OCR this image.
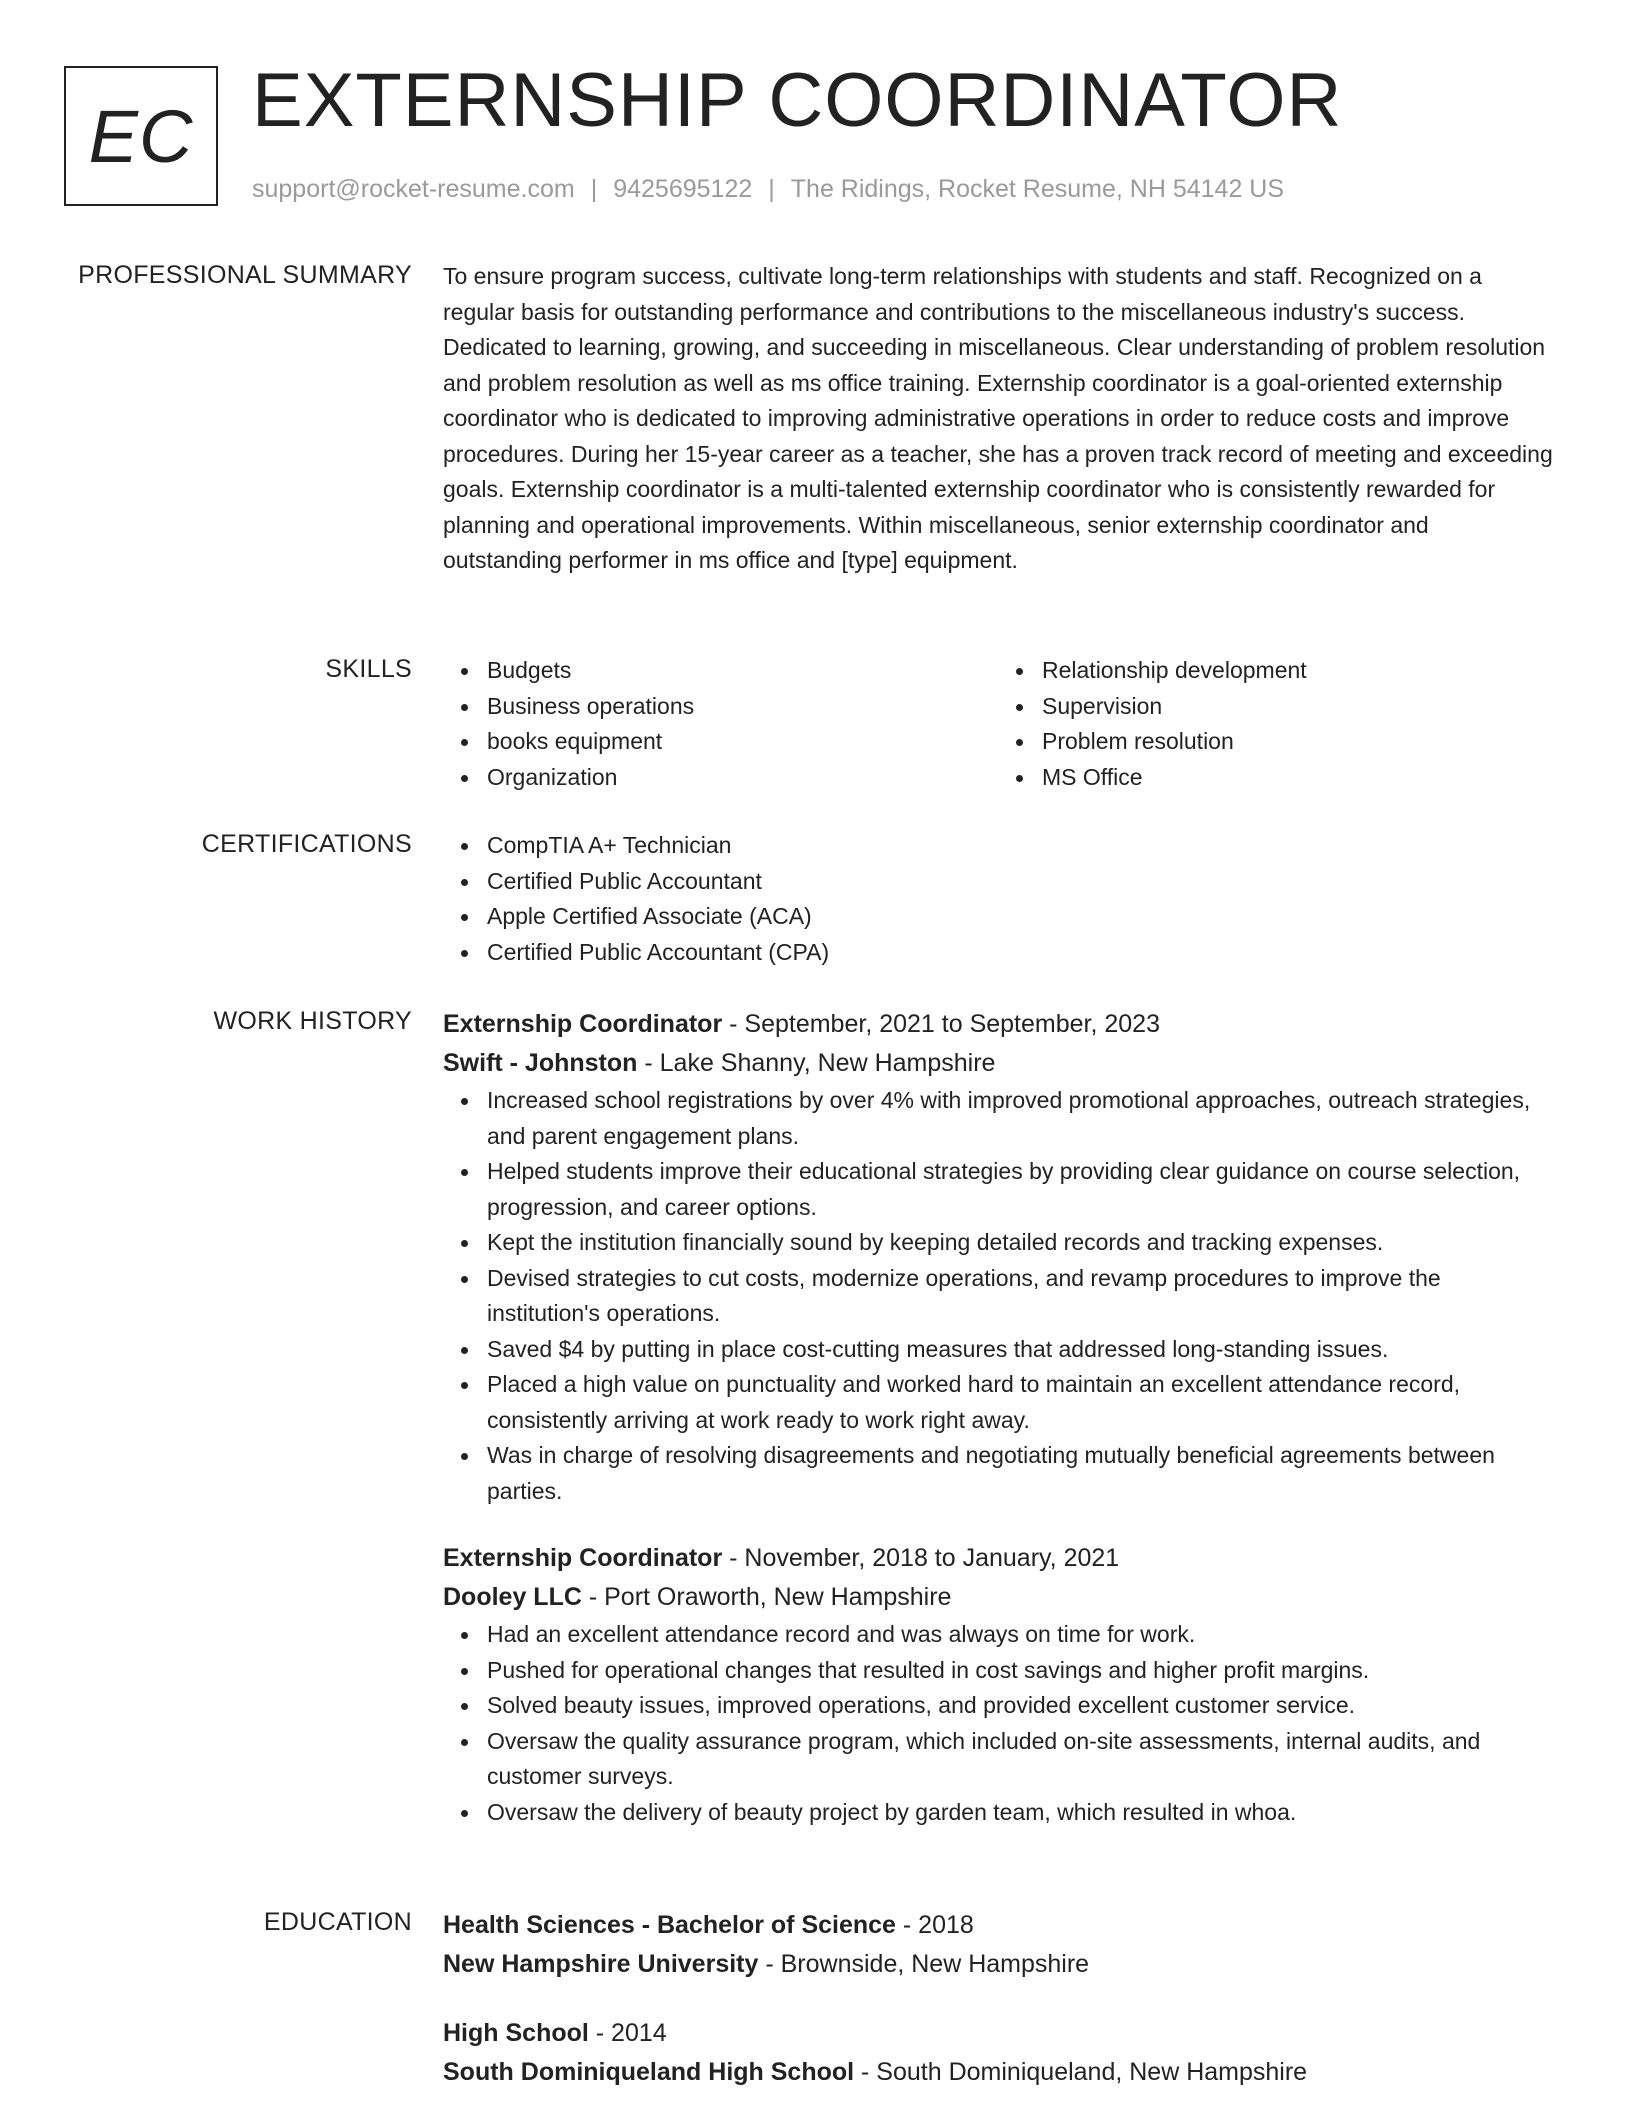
EC EXTERNSHIP COORDINATOR
support@rocket-resume.com | 9425695122 | The Ridings, Rocket Resume, NH 54142 US
PROFESSIONAL SUMMARY To ensure program success, cultivate long-term relationships with students and staff. Recognized on a regular basis for outstanding performance and contributions to the miscellaneous industry's success. Dedicated to learning, growing, and succeeding in miscellaneous. Clear understanding of problem resolution and problem resolution as well as ms office training. Externship coordinator is a goal-oriented externship coordinator who is dedicated to improving administrative operations in order to reduce costs and improve procedures. During her 15-year career as a teacher, she has a proven track record of meeting and exceeding goals. Externship coordinator is a multi-talented externship coordinator who is consistently rewarded for planning and operational improvements. Within miscellaneous, senior externship coordinator and outstanding performer in ms office and [type] equipment.

SKILLS	Budgets
Business operations
books equipment
Organization
Relationship development
Supervision
Problem resolution
MS Office
CERTIFICATIONS	CompTIA A+ Technician
Certified Public Accountant
Apple Certified Associate (ACA)
Certified Public Accountant (CPA)
WORK HISTORY Externship Coordinator - September, 2021 to September, 2023
Swift - Johnston - Lake Shanny, New Hampshire
Increased school registrations by over 4% with improved promotional approaches, outreach strategies, and parent engagement plans.
Helped students improve their educational strategies by providing clear guidance on course selection, progression, and career options.
Kept the institution financially sound by keeping detailed records and tracking expenses.
Devised strategies to cut costs, modernize operations, and revamp procedures to improve the institution's operations.
Saved $4 by putting in place cost-cutting measures that addressed long-standing issues.
Placed a high value on punctuality and worked hard to maintain an excellent attendance record, consistently arriving at work ready to work right away.
Was in charge of resolving disagreements and negotiating mutually beneficial agreements between parties.
Externship Coordinator - November, 2018 to January, 2021
Dooley LLC - Port Oraworth, New Hampshire
Had an excellent attendance record and was always on time for work.
Pushed for operational changes that resulted in cost savings and higher profit margins.
Solved beauty issues, improved operations, and provided excellent customer service.
Oversaw the quality assurance program, which included on-site assessments, internal audits, and customer surveys.
Oversaw the delivery of beauty project by garden team, which resulted in whoa.
EDUCATION Health Sciences - Bachelor of Science - 2018
New Hampshire University - Brownside, New Hampshire
High School - 2014
South Dominiqueland High School - South Dominiqueland, New Hampshire
